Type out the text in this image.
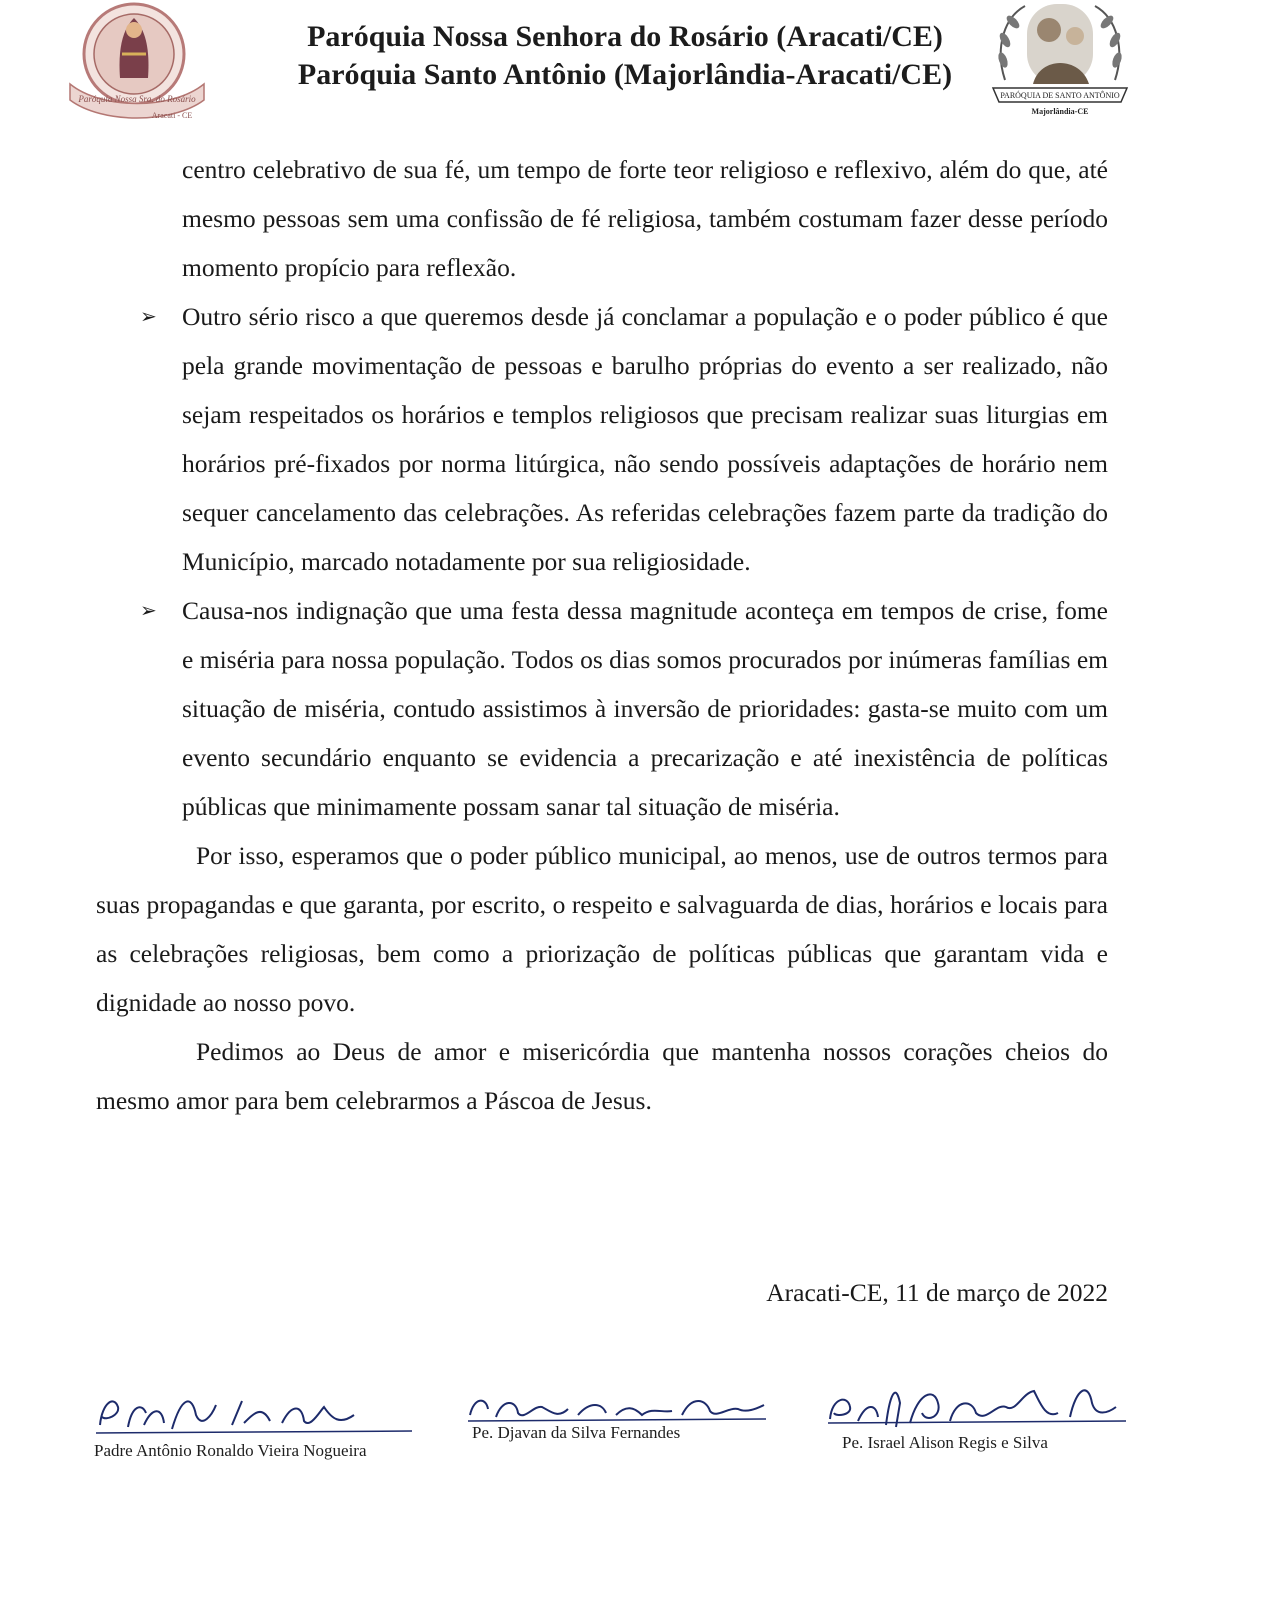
Paróquia Nossa Sra. do Rosário
Aracati - CE
Paróquia Nossa Senhora do Rosário (Aracati/CE)
Paróquia Santo Antônio (Majorlândia-Aracati/CE)
PARÓQUIA DE SANTO ANTÔNIO
Majorlândia-CE

centro celebrativo de sua fé, um tempo de forte teor religioso e reflexivo, além do que, até mesmo pessoas sem uma confissão de fé religiosa, também costumam fazer desse período momento propício para reflexão.

➢ Outro sério risco a que queremos desde já conclamar a população e o poder público é que pela grande movimentação de pessoas e barulho próprias do evento a ser realizado, não sejam respeitados os horários e templos religiosos que precisam realizar suas liturgias em horários pré-fixados por norma litúrgica, não sendo possíveis adaptações de horário nem sequer cancelamento das celebrações. As referidas celebrações fazem parte da tradição do Município, marcado notadamente por sua religiosidade.
➢ Causa-nos indignação que uma festa dessa magnitude aconteça em tempos de crise, fome e miséria para nossa população. Todos os dias somos procurados por inúmeras famílias em situação de miséria, contudo assistimos à inversão de prioridades: gasta-se muito com um evento secundário enquanto se evidencia a precarização e até inexistência de políticas públicas que minimamente possam sanar tal situação de miséria.

Por isso, esperamos que o poder público municipal, ao menos, use de outros termos para suas propagandas e que garanta, por escrito, o respeito e salvaguarda de dias, horários e locais para as celebrações religiosas, bem como a priorização de políticas públicas que garantam vida e dignidade ao nosso povo.

Pedimos ao Deus de amor e misericórdia que mantenha nossos corações cheios do mesmo amor para bem celebrarmos a Páscoa de Jesus.

Aracati-CE, 11 de março de 2022
Padre Antônio Ronaldo Vieira Nogueira
Pe. Djavan da Silva Fernandes
Pe. Israel Alison Regis e Silva
